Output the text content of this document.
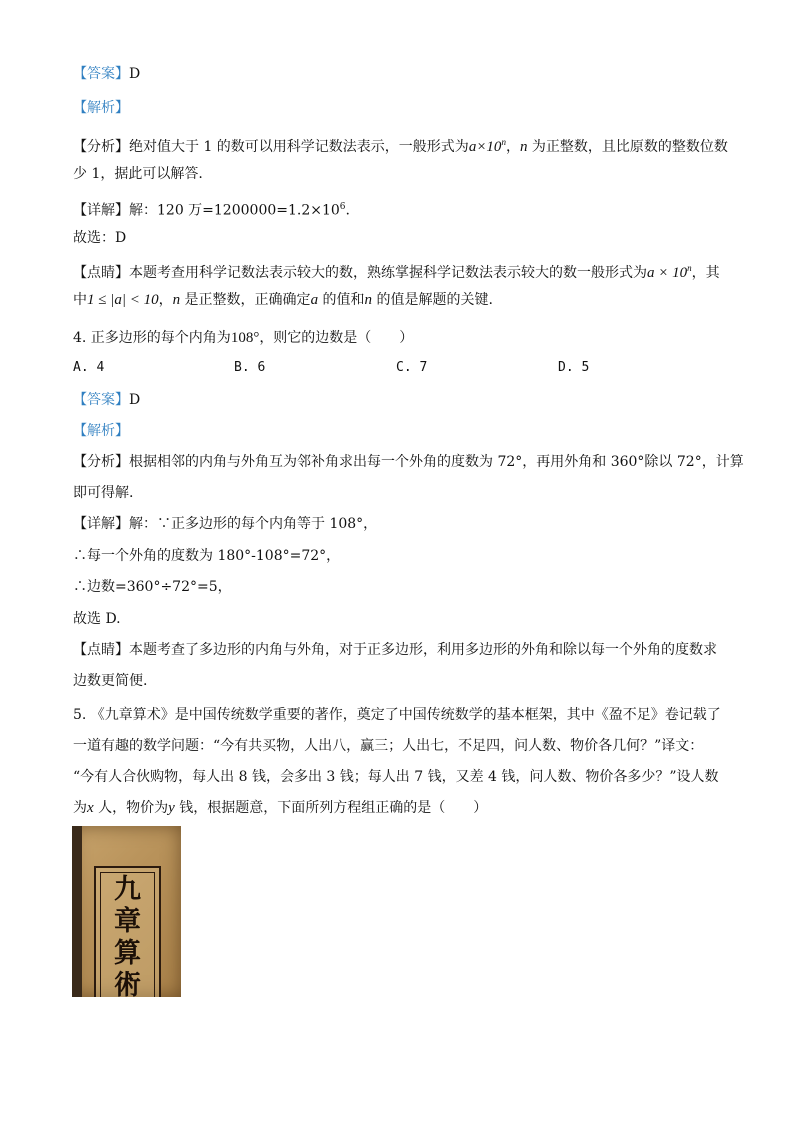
【答案】D
【解析】
【分析】绝对值大于 1 的数可以用科学记数法表示，一般形式为$a\times 10^n$，n 为正整数，且比原数的整数位数
少 1，据此可以解答.
【详解】解：120 万$=1200000=1.2\times 10^6$.
故选：D
【点睛】本题考查用科学记数法表示较大的数，熟练掌握科学记数法表示较大的数一般形式为$a \times 10^n$，其
中1 ≤ |a| < 10，n 是正整数，正确确定a 的值和n 的值是解题的关键.
4. 正多边形的每个内角为108°，则它的边数是（　　）
A. 4	B. 6	C. 7	D. 5
【答案】D
【解析】
【分析】根据相邻的内角与外角互为邻补角求出每一个外角的度数为 72°，再用外角和 360°除以 72°，计算
即可得解.
【详解】解：∵正多边形的每个内角等于 108°，
∴每一个外角的度数为 180°-108°=72°，
∴边数=360°÷72°=5，
故选 D.
【点睛】本题考查了多边形的内角与外角，对于正多边形，利用多边形的外角和除以每一个外角的度数求
边数更简便.
5. 《九章算术》是中国传统数学重要的著作，奠定了中国传统数学的基本框架，其中《盈不足》卷记载了
一道有趣的数学问题：“今有共买物，人出八，赢三；人出七，不足四，问人数、物价各几何？”译文：
“今有人合伙购物，每人出 8 钱，会多出 3 钱；每人出 7 钱，又差 4 钱，问人数、物价各多少？”设人数
为x 人，物价为y 钱，根据题意，下面所列方程组正确的是（　　）
九
章
算
術
